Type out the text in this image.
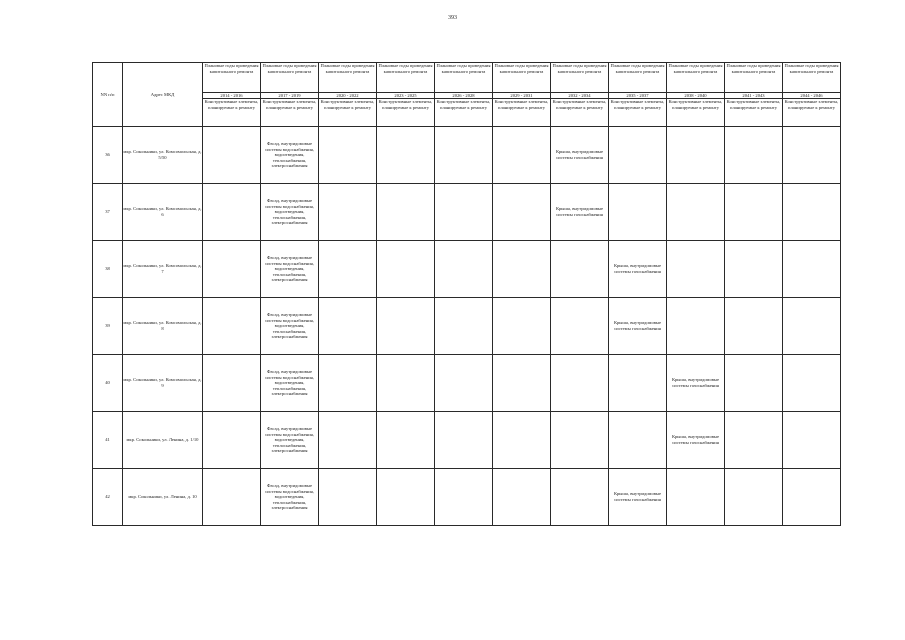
393
NN п/п	Адрес МКД	Плановые годы проведения капитального ремонта	Плановые годы проведения капитального ремонта	Плановые годы проведения капитального ремонта	Плановые годы проведения капитального ремонта	Плановые годы проведения капитального ремонта	Плановые годы проведения капитального ремонта	Плановые годы проведения капитального ремонта	Плановые годы проведения капитального ремонта	Плановые годы проведения капитального ремонта	Плановые годы проведения капитального ремонта	Плановые годы проведения капитального ремонта
		2014 - 2016	2017 - 2019	2020 - 2022	2023 - 2025	2026 - 2028	2029 - 2031	2032 - 2034	2035 - 2037	2038 - 2040	2041 - 2043	2044 - 2046
		Конструктивные элементы, планируемые к ремонту	Конструктивные элементы, планируемые к ремонту	Конструктивные элементы, планируемые к ремонту	Конструктивные элементы, планируемые к ремонту	Конструктивные элементы, планируемые к ремонту	Конструктивные элементы, планируемые к ремонту	Конструктивные элементы, планируемые к ремонту	Конструктивные элементы, планируемые к ремонту	Конструктивные элементы, планируемые к ремонту	Конструктивные элементы, планируемые к ремонту	Конструктивные элементы, планируемые к ремонту
36	мкр. Сокольники, ул. Комсомольская, д. 5/50		Фасад, внутридомовые системы водоснабжения, водоотведения, теплоснабжения, электроснабжения					Крыша, внутридомовые системы газоснабжения				
37	мкр. Сокольники, ул. Комсомольская, д. 6		Фасад, внутридомовые системы водоснабжения, водоотведения, теплоснабжения, электроснабжения					Крыша, внутридомовые системы газоснабжения				
38	мкр. Сокольники, ул. Комсомольская, д. 7		Фасад, внутридомовые системы водоснабжения, водоотведения, теплоснабжения, электроснабжения						Крыша, внутридомовые системы газоснабжения			
39	мкр. Сокольники, ул. Комсомольская, д. 8		Фасад, внутридомовые системы водоснабжения, водоотведения, теплоснабжения, электроснабжения						Крыша, внутридомовые системы газоснабжения			
40	мкр. Сокольники, ул. Комсомольская, д. 9		Фасад, внутридомовые системы водоснабжения, водоотведения, теплоснабжения, электроснабжения							Крыша, внутридомовые системы газоснабжения		
41	мкр. Сокольники, ул. Ленина, д. 1/10		Фасад, внутридомовые системы водоснабжения, водоотведения, теплоснабжения, электроснабжения							Крыша, внутридомовые системы газоснабжения		
42	мкр. Сокольники, ул. Ленина, д. 10		Фасад, внутридомовые системы водоснабжения, водоотведения, теплоснабжения, электроснабжения						Крыша, внутридомовые системы газоснабжения			
